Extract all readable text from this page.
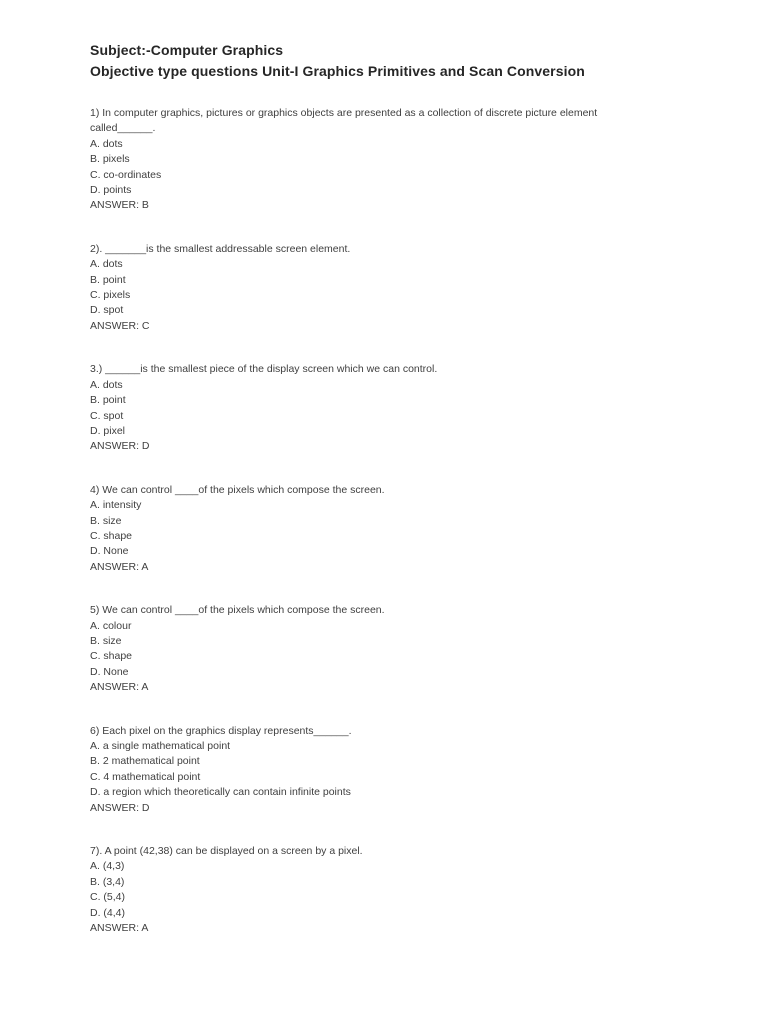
Subject:-Computer Graphics
Objective type questions Unit-I Graphics Primitives and Scan Conversion
1) In computer graphics, pictures or graphics objects are presented as a collection of discrete picture element called______.
A. dots
B. pixels
C. co-ordinates
D. points
ANSWER: B
2). _______is the smallest addressable screen element.
A. dots
B. point
C. pixels
D. spot
ANSWER: C
3.) ______is the smallest piece of the display screen which we can control.
A. dots
B. point
C. spot
D. pixel
ANSWER: D
4) We can control ____of the pixels which compose the screen.
A. intensity
B. size
C. shape
D. None
ANSWER: A
5) We can control ____of the pixels which compose the screen.
A. colour
B. size
C. shape
D. None
ANSWER: A
6) Each pixel on the graphics display represents______.
A. a single mathematical point
B. 2 mathematical point
C. 4 mathematical point
D. a region which theoretically can contain infinite points
ANSWER: D
7). A point (42,38) can be displayed on a screen by a pixel.
A. (4,3)
B. (3,4)
C. (5,4)
D. (4,4)
ANSWER: A
